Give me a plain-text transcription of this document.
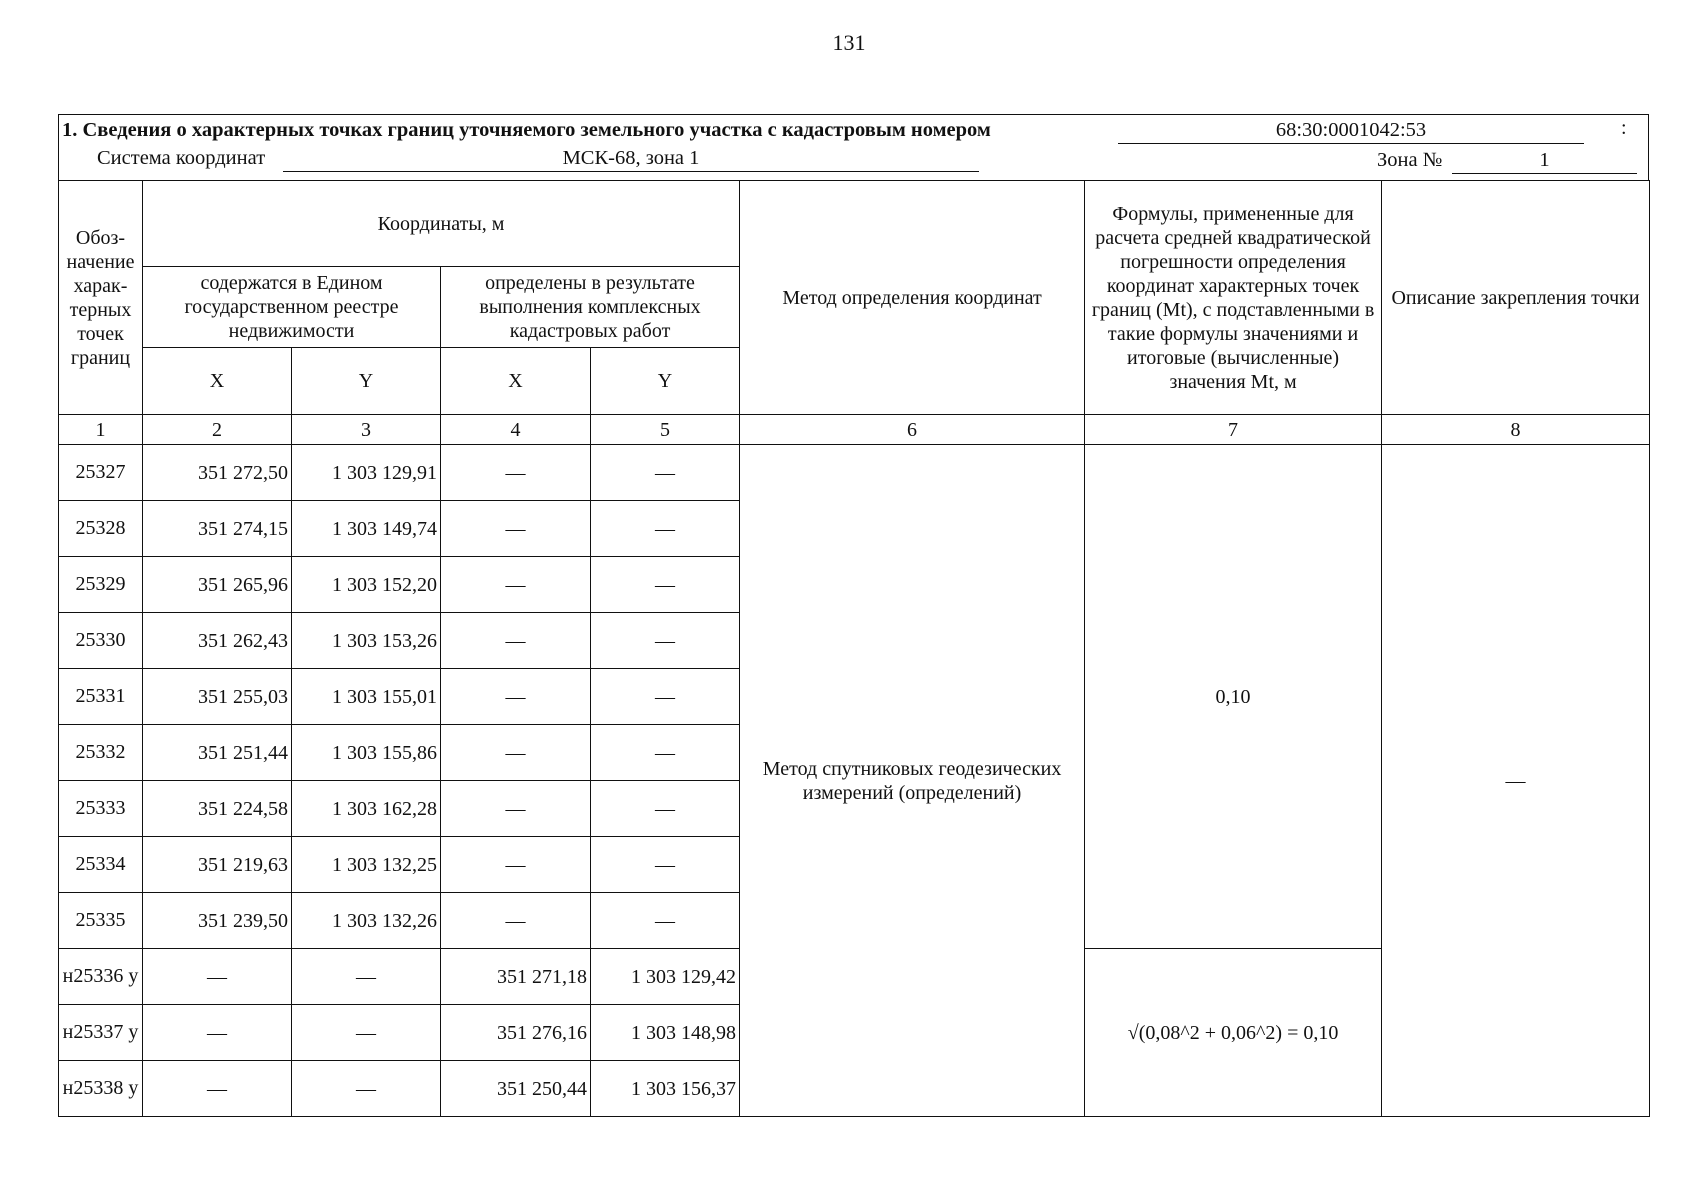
131
1. Сведения о характерных точках границ уточняемого земельного участка с кадастровым номером	68:30:0001042:53	:
Система координат	МСК-68, зона 1	Зона №	1
Обоз-начение харак-терных точек границ	Координаты, м				Метод определения координат	Формулы, примененные для расчета средней квадратической погрешности определения координат характерных точек границ (Mt), с подставленными в такие формулы значениями и итоговые (вычисленные) значения Mt, м	Описание закрепления точки
	содержатся в Едином государственном реестре недвижимости		определены в результате выполнения комплексных кадастровых работ				
	X	Y	X	Y			
1	2	3	4	5	6	7	8
25327	351 272,50	1 303 129,91	—	—	Метод спутниковых геодезических измерений (определений)	0,10	—
25328	351 274,15	1 303 149,74	—	—			
25329	351 265,96	1 303 152,20	—	—			
25330	351 262,43	1 303 153,26	—	—			
25331	351 255,03	1 303 155,01	—	—			
25332	351 251,44	1 303 155,86	—	—			
25333	351 224,58	1 303 162,28	—	—			
25334	351 219,63	1 303 132,25	—	—			
25335	351 239,50	1 303 132,26	—	—			
н25336 у	—	—	351 271,18	1 303 129,42		√(0,08^2 + 0,06^2) = 0,10	
н25337 у	—	—	351 276,16	1 303 148,98			
н25338 у	—	—	351 250,44	1 303 156,37			
